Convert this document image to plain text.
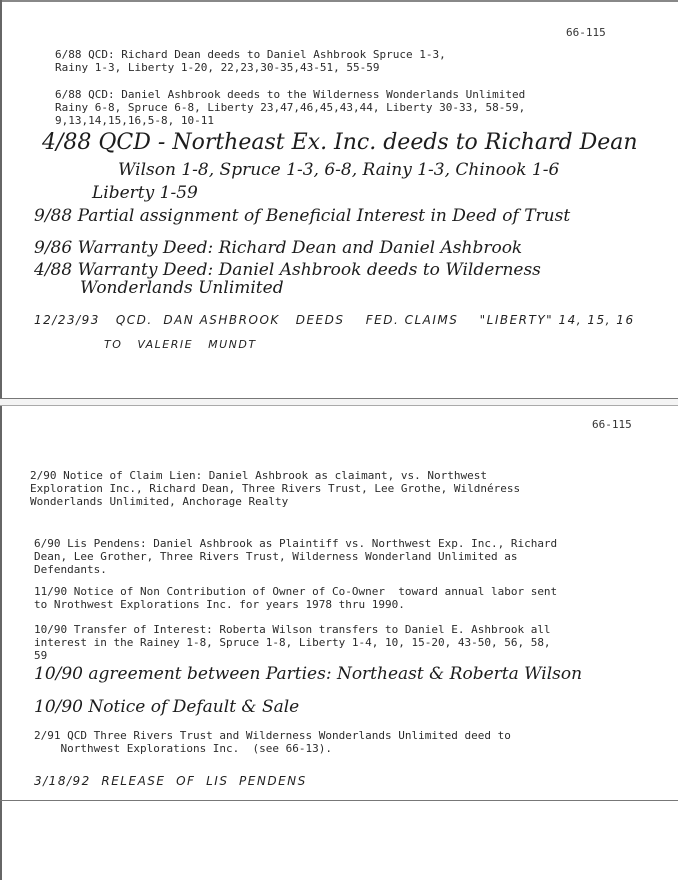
66-115
6/88 QCD: Richard Dean deeds to Daniel Ashbrook Spruce 1-3,
Rainy 1-3, Liberty 1-20, 22,23,30-35,43-51, 55-59
6/88 QCD: Daniel Ashbrook deeds to the Wilderness Wonderlands Unlimited
Rainy 6-8, Spruce 6-8, Liberty 23,47,46,45,43,44, Liberty 30-33, 58-59,
9,13,14,15,16,5-8, 10-11
4/88 QCD - Northeast Ex. Inc. deeds to Richard Dean
Wilson 1-8, Spruce 1-3, 6-8, Rainy 1-3, Chinook 1-6
Liberty 1-59
9/88 Partial assignment of Beneficial Interest in Deed of Trust
9/86 Warranty Deed: Richard Dean and Daniel Ashbrook
4/88 Warranty Deed: Daniel Ashbrook deeds to Wilderness
Wonderlands Unlimited
12/23/93   QCD.  DAN ASHBROOK   DEEDS    FED. CLAIMS    "LIBERTY" 14, 15, 16
TO   VALERIE   MUNDT
66-115
2/90 Notice of Claim Lien: Daniel Ashbrook as claimant, vs. Northwest
Exploration Inc., Richard Dean, Three Rivers Trust, Lee Grothe, Wildnéress
Wonderlands Unlimited, Anchorage Realty
6/90 Lis Pendens: Daniel Ashbrook as Plaintiff vs. Northwest Exp. Inc., Richard
Dean, Lee Grother, Three Rivers Trust, Wilderness Wonderland Unlimited as
Defendants.
11/90 Notice of Non Contribution of Owner of Co-Owner  toward annual labor sent
to Nrothwest Explorations Inc. for years 1978 thru 1990.
10/90 Transfer of Interest: Roberta Wilson transfers to Daniel E. Ashbrook all
interest in the Rainey 1-8, Spruce 1-8, Liberty 1-4, 10, 15-20, 43-50, 56, 58,
59
10/90 agreement between Parties: Northeast & Roberta Wilson
10/90 Notice of Default & Sale
2/91 QCD Three Rivers Trust and Wilderness Wonderlands Unlimited deed to
Northwest Explorations Inc.  (see 66-13).
3/18/92  RELEASE  OF  LIS  PENDENS
